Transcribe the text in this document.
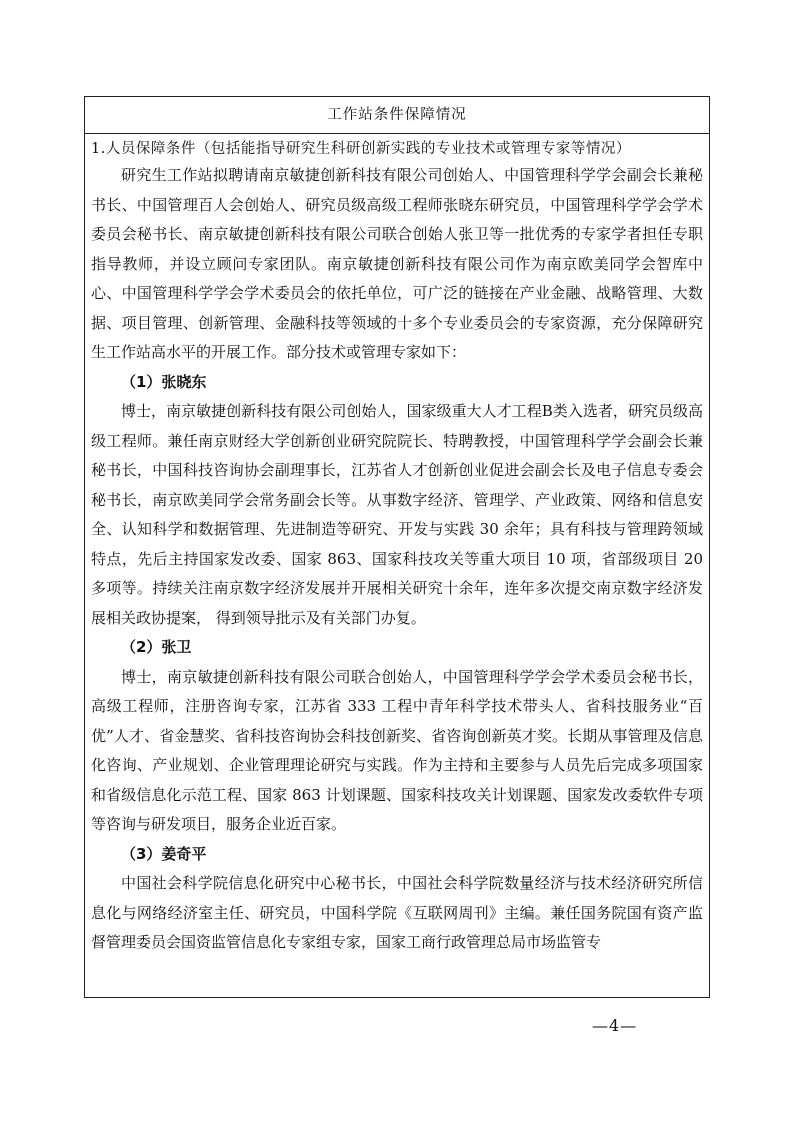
工作站条件保障情况
1.人员保障条件（包括能指导研究生科研创新实践的专业技术或管理专家等情况）

研究生工作站拟聘请南京敏捷创新科技有限公司创始人、中国管理科学学会副会长兼秘书长、中国管理百人会创始人、研究员级高级工程师张晓东研究员，中国管理科学学会学术委员会秘书长、南京敏捷创新科技有限公司联合创始人张卫等一批优秀的专家学者担任专职指导教师，并设立顾问专家团队。南京敏捷创新科技有限公司作为南京欧美同学会智库中心、中国管理科学学会学术委员会的依托单位，可广泛的链接在产业金融、战略管理、大数据、项目管理、创新管理、金融科技等领域的十多个专业委员会的专家资源，充分保障研究生工作站高水平的开展工作。部分技术或管理专家如下：

（1）张晓东

博士，南京敏捷创新科技有限公司创始人，国家级重大人才工程B类入选者，研究员级高级工程师。兼任南京财经大学创新创业研究院院长、特聘教授，中国管理科学学会副会长兼秘书长，中国科技咨询协会副理事长，江苏省人才创新创业促进会副会长及电子信息专委会秘书长，南京欧美同学会常务副会长等。从事数字经济、管理学、产业政策、网络和信息安全、认知科学和数据管理、先进制造等研究、开发与实践 30 余年；具有科技与管理跨领域特点，先后主持国家发改委、国家 863、国家科技攻关等重大项目 10 项，省部级项目 20 多项等。持续关注南京数字经济发展并开展相关研究十余年，连年多次提交南京数字经济发展相关政协提案， 得到领导批示及有关部门办复。

（2）张卫

博士，南京敏捷创新科技有限公司联合创始人，中国管理科学学会学术委员会秘书长，高级工程师，注册咨询专家，江苏省 333 工程中青年科学技术带头人、省科技服务业“百优”人才、省金慧奖、省科技咨询协会科技创新奖、省咨询创新英才奖。长期从事管理及信息化咨询、产业规划、企业管理理论研究与实践。作为主持和主要参与人员先后完成多项国家和省级信息化示范工程、国家 863 计划课题、国家科技攻关计划课题、国家发改委软件专项等咨询与研发项目，服务企业近百家。

（3）姜奇平

中国社会科学院信息化研究中心秘书长，中国社会科学院数量经济与技术经济研究所信息化与网络经济室主任、研究员，中国科学院《互联网周刊》主编。兼任国务院国有资产监督管理委员会国资监管信息化专家组专家，国家工商行政管理总局市场监管专

—4—
